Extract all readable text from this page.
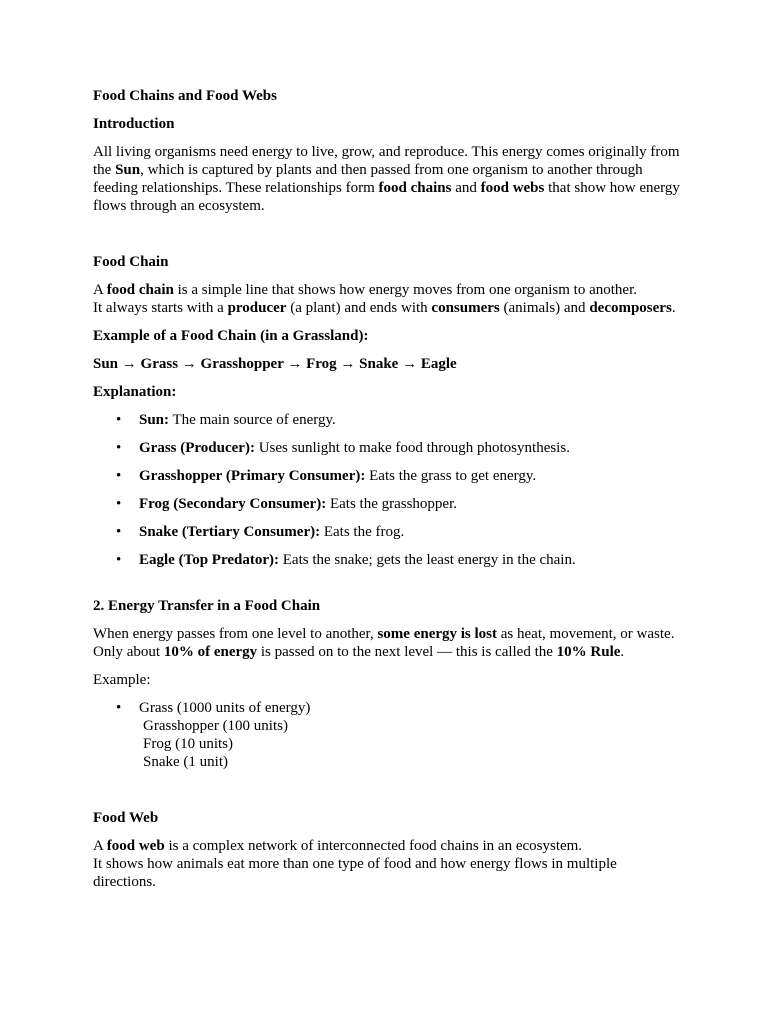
Food Chains and Food Webs

Introduction

All living organisms need energy to live, grow, and reproduce. This energy comes originally from the Sun, which is captured by plants and then passed from one organism to another through feeding relationships. These relationships form food chains and food webs that show how energy flows through an ecosystem.

Food Chain

A food chain is a simple line that shows how energy moves from one organism to another.
It always starts with a producer (a plant) and ends with consumers (animals) and decomposers.

Example of a Food Chain (in a Grassland):

Sun → Grass → Grasshopper → Frog → Snake → Eagle

Explanation:

• Sun: The main source of energy.
• Grass (Producer): Uses sunlight to make food through photosynthesis.
• Grasshopper (Primary Consumer): Eats the grass to get energy.
• Frog (Secondary Consumer): Eats the grasshopper.
• Snake (Tertiary Consumer): Eats the frog.
• Eagle (Top Predator): Eats the snake; gets the least energy in the chain.

2. Energy Transfer in a Food Chain

When energy passes from one level to another, some energy is lost as heat, movement, or waste.
Only about 10% of energy is passed on to the next level — this is called the 10% Rule.

Example:

• Grass (1000 units of energy)
Grasshopper (100 units)
Frog (10 units)
Snake (1 unit)

Food Web

A food web is a complex network of interconnected food chains in an ecosystem.
It shows how animals eat more than one type of food and how energy flows in multiple directions.
